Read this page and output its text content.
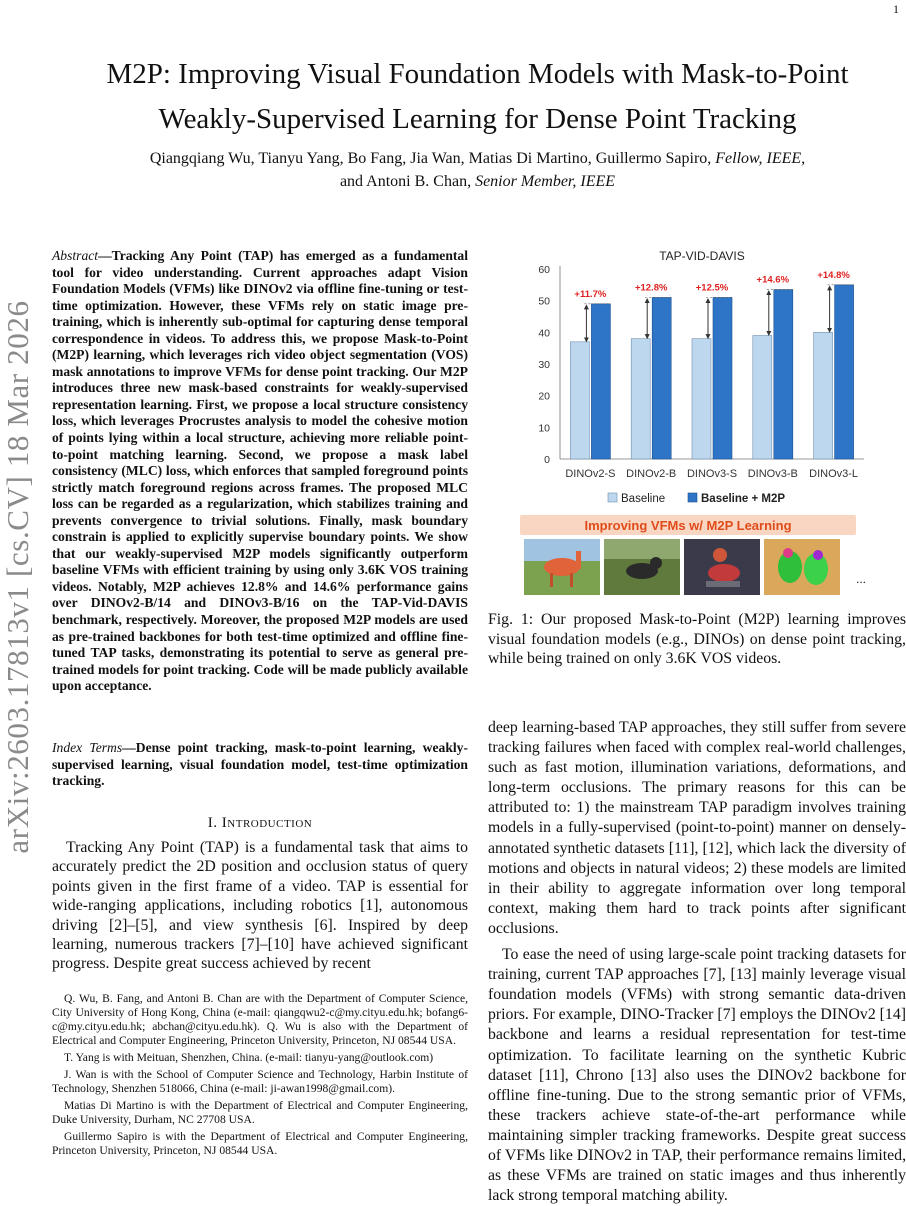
1
arXiv:2603.17813v1 [cs.CV] 18 Mar 2026
M2P: Improving Visual Foundation Models with Mask-to-Point
Weakly-Supervised Learning for Dense Point Tracking
Qiangqiang Wu, Tianyu Yang, Bo Fang, Jia Wan, Matias Di Martino, Guillermo Sapiro, Fellow, IEEE,
and Antoni B. Chan, Senior Member, IEEE
Abstract—Tracking Any Point (TAP) has emerged as a fundamental tool for video understanding. Current approaches adapt Vision Foundation Models (VFMs) like DINOv2 via offline fine-tuning or test-time optimization. However, these VFMs rely on static image pre-training, which is inherently sub-optimal for capturing dense temporal correspondence in videos. To address this, we propose Mask-to-Point (M2P) learning, which leverages rich video object segmentation (VOS) mask annotations to improve VFMs for dense point tracking. Our M2P introduces three new mask-based constraints for weakly-supervised representation learning. First, we propose a local structure consistency loss, which leverages Procrustes analysis to model the cohesive motion of points lying within a local structure, achieving more reliable point-to-point matching learning. Second, we propose a mask label consistency (MLC) loss, which enforces that sampled foreground points strictly match foreground regions across frames. The proposed MLC loss can be regarded as a regularization, which stabilizes training and prevents convergence to trivial solutions. Finally, mask boundary constrain is applied to explicitly supervise boundary points. We show that our weakly-supervised M2P models significantly outperform baseline VFMs with efficient training by using only 3.6K VOS training videos. Notably, M2P achieves 12.8% and 14.6% performance gains over DINOv2-B/14 and DINOv3-B/16 on the TAP-Vid-DAVIS benchmark, respectively. Moreover, the proposed M2P models are used as pre-trained backbones for both test-time optimized and offline fine-tuned TAP tasks, demonstrating its potential to serve as general pre-trained models for point tracking. Code will be made publicly available upon acceptance.
Index Terms—Dense point tracking, mask-to-point learning, weakly-supervised learning, visual foundation model, test-time optimization tracking.
I. Introduction
Tracking Any Point (TAP) is a fundamental task that aims to accurately predict the 2D position and occlusion status of query points given in the first frame of a video. TAP is essential for wide-ranging applications, including robotics [1], autonomous driving [2]–[5], and view synthesis [6]. Inspired by deep learning, numerous trackers [7]–[10] have achieved significant progress. Despite great success achieved by recent

Q. Wu, B. Fang, and Antoni B. Chan are with the Department of Computer Science, City University of Hong Kong, China (e-mail: qiangqwu2-c@my.cityu.edu.hk; bofang6-c@my.cityu.edu.hk; abchan@cityu.edu.hk). Q. Wu is also with the Department of Electrical and Computer Engineering, Princeton University, Princeton, NJ 08544 USA.

T. Yang is with Meituan, Shenzhen, China. (e-mail: tianyu-yang@outlook.com)

J. Wan is with the School of Computer Science and Technology, Harbin Institute of Technology, Shenzhen 518066, China (e-mail: ji-awan1998@gmail.com).

Matias Di Martino is with the Department of Electrical and Computer Engineering, Duke University, Durham, NC 27708 USA.

Guillermo Sapiro is with the Department of Electrical and Computer Engineering, Princeton University, Princeton, NJ 08544 USA.

TAP-VID-DAVIS
0
10
20
30
40
50
60
+11.7%
DINOv2-S
+12.8%
DINOv2-B
+12.5%
DINOv3-S
+14.6%
DINOv3-B
+14.8%
DINOv3-L
Baseline	Baseline + M2P
Improving VFMs w/ M2P Learning
...
Fig. 1: Our proposed Mask-to-Point (M2P) learning improves visual foundation models (e.g., DINOs) on dense point tracking, while being trained on only 3.6K VOS videos.

deep learning-based TAP approaches, they still suffer from severe tracking failures when faced with complex real-world challenges, such as fast motion, illumination variations, deformations, and long-term occlusions. The primary reasons for this can be attributed to: 1) the mainstream TAP paradigm involves training models in a fully-supervised (point-to-point) manner on densely-annotated synthetic datasets [11], [12], which lack the diversity of motions and objects in natural videos; 2) these models are limited in their ability to aggregate information over long temporal context, making them hard to track points after significant occlusions.

To ease the need of using large-scale point tracking datasets for training, current TAP approaches [7], [13] mainly leverage visual foundation models (VFMs) with strong semantic data-driven priors. For example, DINO-Tracker [7] employs the DINOv2 [14] backbone and learns a residual representation for test-time optimization. To facilitate learning on the synthetic Kubric dataset [11], Chrono [13] also uses the DINOv2 backbone for offline fine-tuning. Due to the strong semantic prior of VFMs, these trackers achieve state-of-the-art performance while maintaining simpler tracking frameworks. Despite great success of VFMs like DINOv2 in TAP, their performance remains limited, as these VFMs are trained on static images and thus inherently lack strong temporal matching ability.
